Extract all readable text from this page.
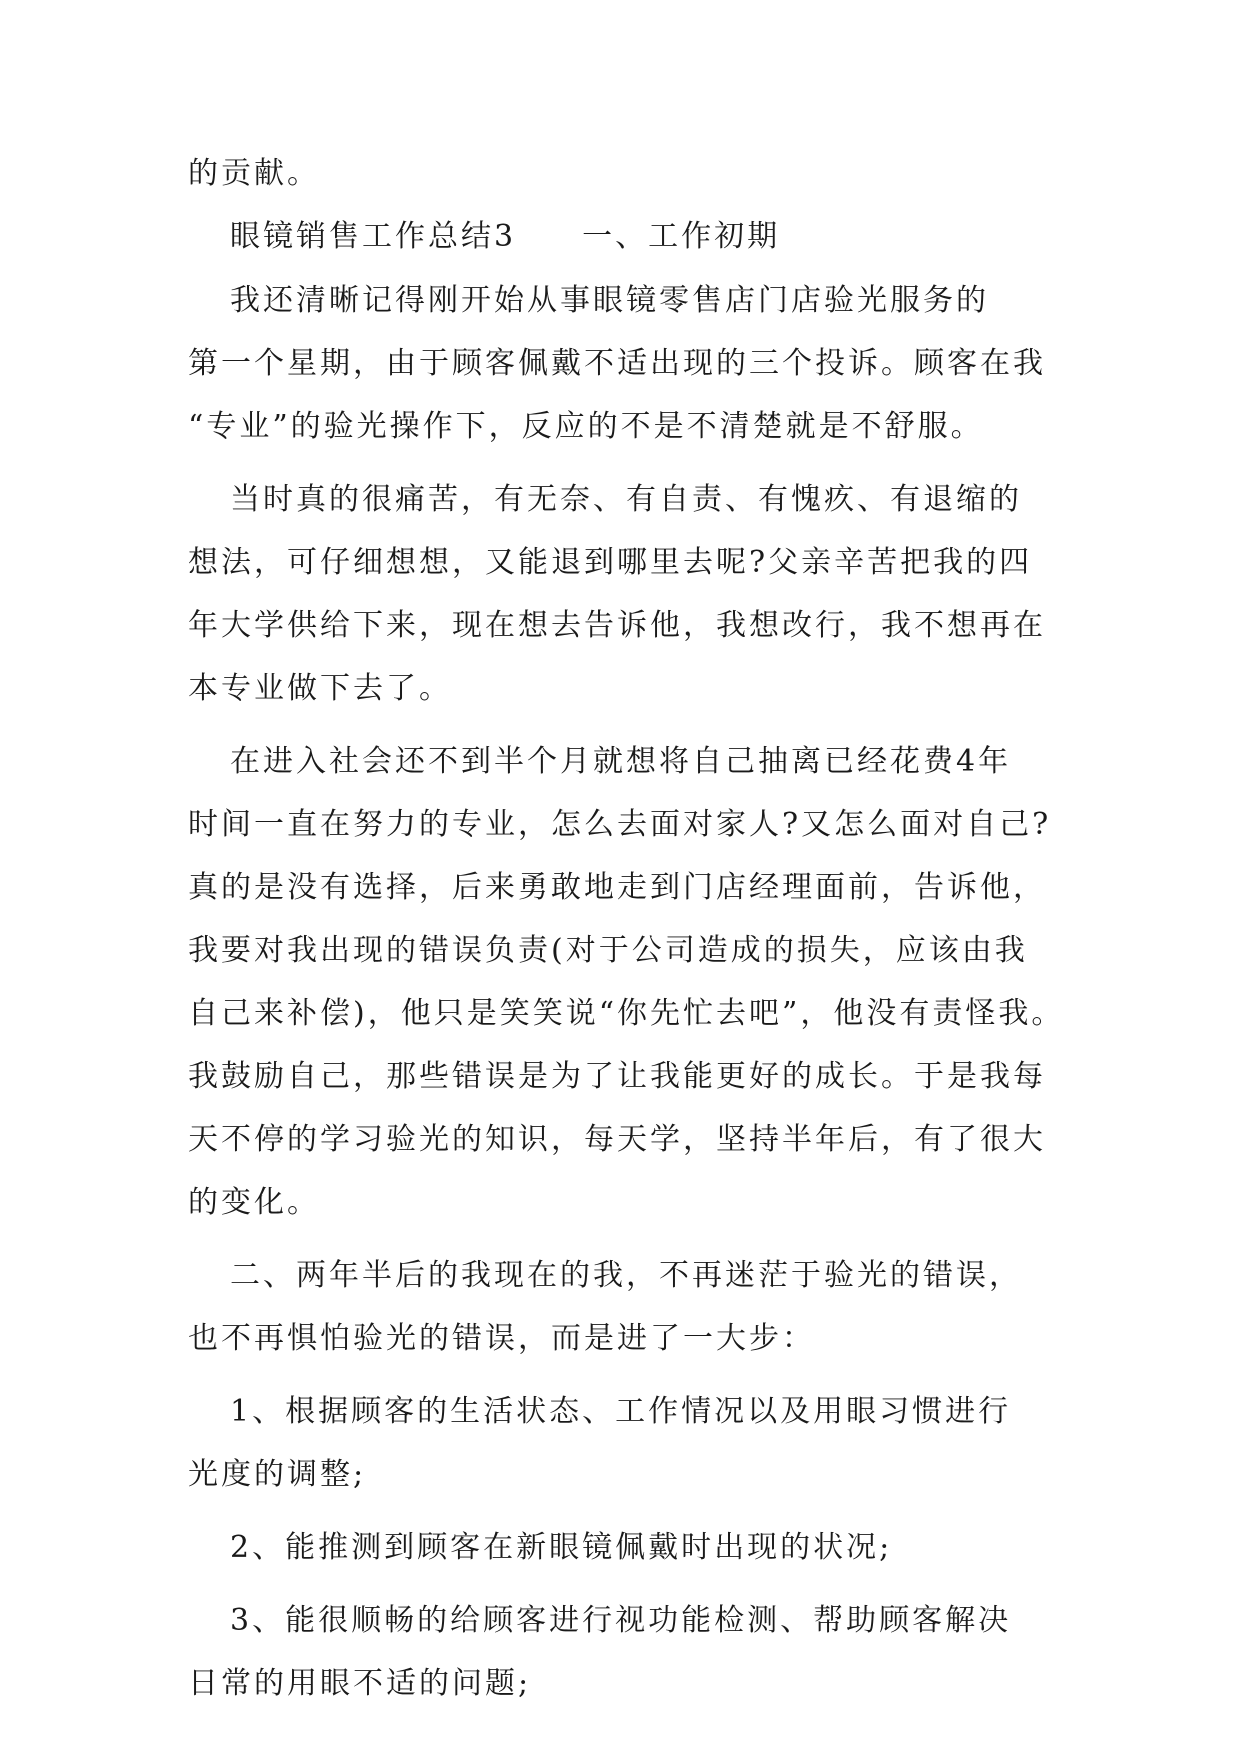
的贡献。
眼镜销售工作总结3　　一、工作初期
我还清晰记得刚开始从事眼镜零售店门店验光服务的
第一个星期，由于顾客佩戴不适出现的三个投诉。顾客在我
“专业”的验光操作下，反应的不是不清楚就是不舒服。
当时真的很痛苦，有无奈、有自责、有愧疚、有退缩的
想法，可仔细想想，又能退到哪里去呢?父亲辛苦把我的四
年大学供给下来，现在想去告诉他，我想改行，我不想再在
本专业做下去了。
在进入社会还不到半个月就想将自己抽离已经花费4年
时间一直在努力的专业，怎么去面对家人?又怎么面对自己?
真的是没有选择，后来勇敢地走到门店经理面前，告诉他，
我要对我出现的错误负责(对于公司造成的损失，应该由我
自己来补偿)，他只是笑笑说“你先忙去吧”，他没有责怪我。
我鼓励自己，那些错误是为了让我能更好的成长。于是我每
天不停的学习验光的知识，每天学，坚持半年后，有了很大
的变化。
二、两年半后的我现在的我，不再迷茫于验光的错误，
也不再惧怕验光的错误，而是进了一大步：
1、根据顾客的生活状态、工作情况以及用眼习惯进行
光度的调整;
2、能推测到顾客在新眼镜佩戴时出现的状况;
3、能很顺畅的给顾客进行视功能检测、帮助顾客解决
日常的用眼不适的问题;
